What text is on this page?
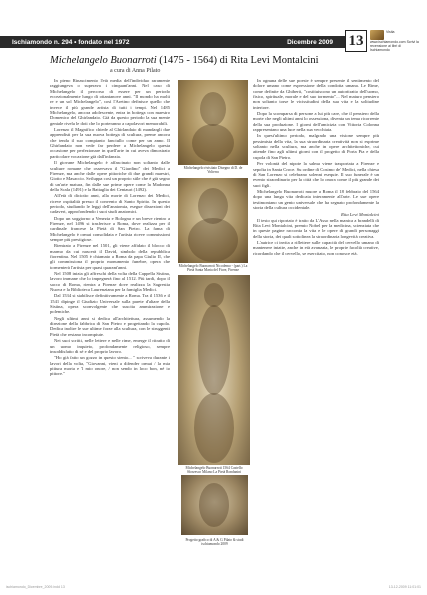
Ischiamondo n. 294 • fondato nel 1972	Dicembre 2009 13
Visita www.ischiamondo.com Scrivi la recensione ai libri di Ischiamondo
Michelangelo Buonarroti (1475 - 1564) di Rita Levi Montalcini
a cura di Anna Pilato

In pieno Rinascimento l'età media dell'individuo raramente raggiungeva o superava i cinquant'anni. Nel caso di Michelangelo il percorso di essere per un periodo eccezionalmente lungo di ottantanove anni. "Il mondo ha molti re e un sol Michelangelo", così l'Aretino definisce quello che invece il più grande artista di tutti i tempi. Nel 1485 Michelangelo, ancora adolescente, entra in bottega con maestro Domenico del Ghirlandaio. Già da questo periodo la sua mente geniale rivela le doti che lo porteranno a capolavori memorabili.

Lorenzo il Magnifico chiede al Ghirlandaio di mandargli due apprendisti per la sua nuova bottega di scultura, preme ancora che tenda il suo compianto fanciullo come per un anno. Il Ghirlandaio non vede far perdere a Michelangelo questa occasione per perfezionare in quell'arte in cui aveva dimostrato particolare vocazione già dall'infanzia.

Il giovane Michelangelo è affascinato non soltanto dalle sculture romane che osservava il "Giardino" dei Medici a Firenze, ma anche dalle opere pittoriche di due grandi maestri, Giotto e Masaccio. Sviluppa così un proprio stile che è già segno di un'arte matura, fin dalle sue prime opere come la Madonna della Scala (1491) e la Battaglia dei Centauri (1492).

All'età di diciotto anni, alla morte di Lorenzo dei Medici, riceve ospitalità presso il convento di Santo Spirito. In questo periodo, studiando le leggi dell'anatomia, esegue dissezioni dei cadaveri, approfondendo i suoi studi anatomici.

Dopo un soggiorno a Venezia e Bologna e un breve rientro a Firenze, nel 1496 si trasferisce a Roma, dove realizza per il cardinale francese la Pietà di San Pietro. La fama di Michelangelo è ormai consolidata e l'artista riceve commissioni sempre più prestigiose.

Rientrato a Firenze nel 1501, gli viene affidato il blocco di marmo da cui nascerà il David, simbolo della repubblica fiorentina. Nel 1505 è chiamato a Roma da papa Giulio II, che gli commissiona il proprio monumento funebre, opera che tormenterà l'artista per quasi quarant'anni.

Nel 1508 inizia gli affreschi della volta della Cappella Sistina, lavoro immane che lo impegnerà fino al 1512. Più tardi, dopo il sacco di Roma, rientra a Firenze dove realizza la Sagrestia Nuova e la Biblioteca Laurenziana per la famiglia Medici.

Dal 1534 si stabilisce definitivamente a Roma. Tra il 1536 e il 1541 dipinge il Giudizio Universale sulla parete d'altare della Sistina, opera sconvolgente che suscita ammirazione e polemiche.

Negli ultimi anni si dedica all'architettura, assumendo la direzione della fabbrica di San Pietro e progettando la cupola. Dedica inoltre le sue ultime forze alla scultura, con le struggenti Pietà che restano incompiute.

Nei suoi scritti, nelle lettere e nelle rime, emerge il ritratto di un uomo inquieto, profondamente religioso, sempre insoddisfatto di sé e del proprio lavoro.

"Ho già fatto un gozzo in questo stento... " scriveva durante i lavori della volta, "Giovanni, vieni a difender ormai / la mia pittura morta e 'l mio onore, / non sendo in loco bon, né io pittore."

Michelangelo rivisitato Disegno di D. de Volterra
Michelangelo Buonarroti Nicodemo - (part.) La Pietà Santa Maria del Fiore, Firenze
Michelangelo Buonarroti 1564 Castello Sforzesco Milano La Pietà Rondanini
Progetto grafico di A & G Pilato & studi ischiamondo 2009

In ognuna delle sue poesie è sempre presente il sentimento del dolore umano come espressione della condotta umana. Le Rime, come definite da Ghiberti, "costituiscono un autoritratto dell'uomo, fisico, spirituale, morale e del suo tormento"... Nel maturo pensiero non soltanto torse le vicissitudini della sua vita e la solitudine interiore.

Dopo la scomparsa di persone a lui più care, che il pensiero della morte che negli ultimi anni lo ossessiona, diventa un tema ricorrente della sua produzione. I giorni dell'amicizia con Vittoria Colonna rappresentano una luce nella sua vecchiaia.

In quest'ultimo periodo, malgrado una visione sempre più pessimista della vita, la sua straordinaria creatività non si esprime soltanto nella scultura, ma anche in opere architettoniche, cui attende fino agli ultimi giorni con il progetto di Porta Pia e della cupola di San Pietro.

Per volontà del nipote la salma viene trasportata a Firenze e sepolta in Santa Croce. Su ordine di Cosimo de' Medici, nella chiesa di San Lorenzo si celebrano solenni esequie. Il suo funerale è un evento straordinario per la città che lo onora come il più grande dei suoi figli.

Michelangelo Buonarroti muore a Roma il 18 febbraio del 1564 dopo una lunga vita dedicata interamente all'arte. Le sue opere testimoniano un genio universale che ha segnato profondamente la storia della cultura occidentale.

Rita Levi Montalcini

Il testo qui riportato è tratto da L'Asso nella manica a brandelli di Rita Levi Montalcini, premio Nobel per la medicina, scienziata che in queste pagine racconta la vita e le opere di grandi personaggi della storia, dei quali sottolinea la straordinaria longevità creativa.

L'autrice ci invita a riflettere sulle capacità del cervello umano di mantenere intatte, anche in età avanzata, le proprie facoltà creative, ricordando che il cervello, se esercitato, non conosce età.

ischiamondo_Dicembre_2009.indd 13	13-12-2009 11:01:01
